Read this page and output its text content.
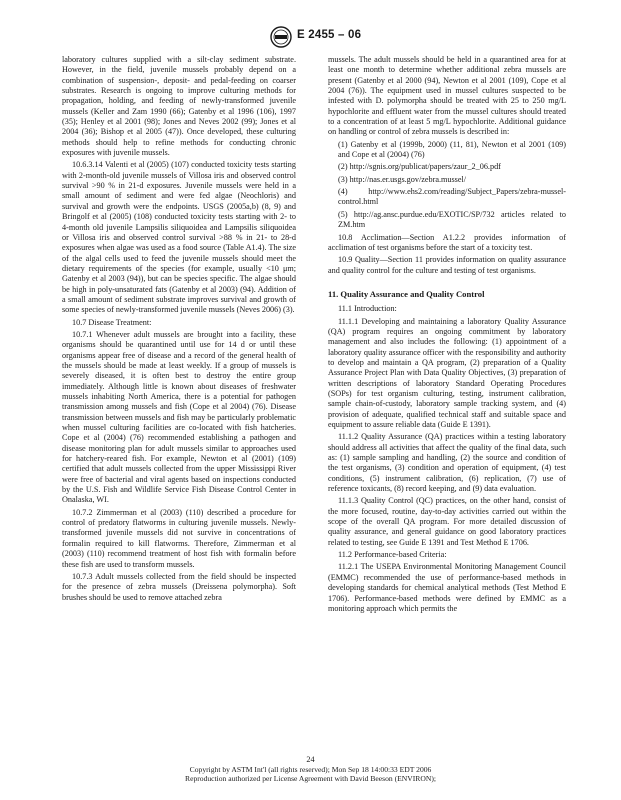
E 2455 – 06

laboratory cultures supplied with a silt-clay sediment substrate. However, in the field, juvenile mussels probably depend on a combination of suspension-, deposit- and pedal-feeding on coarser substrates. Research is ongoing to improve culturing methods for propagation, holding, and feeding of newly-transformed juvenile mussels (Keller and Zam 1990 (66); Gatenby et al 1996 (106), 1997 (35); Henley et al 2001 (98); Jones and Neves 2002 (99); Jones et al 2004 (36); Bishop et al 2005 (47)). Once developed, these culturing methods should help to refine methods for conducting chronic exposures with juvenile mussels.

10.6.3.14 Valenti et al (2005) (107) conducted toxicity tests starting with 2-month-old juvenile mussels of Villosa iris and observed control survival >90 % in 21-d exposures. Juvenile mussels were held in a small amount of sediment and were fed algae (Neochloris) and survival and growth were the endpoints. USGS (2005a,b) (8, 9) and Bringolf et al (2005) (108) conducted toxicity tests starting with 2- to 4-month old juvenile Lampsilis siliquoidea and Lampsilis siliquoidea or Villosa iris and observed control survival >88 % in 21- to 28-d exposures when algae was used as a food source (Table A1.4). The size of the algal cells used to feed the juvenile mussels should meet the dietary requirements of the species (for example, usually <10 μm; Gatenby et al 2003 (94)), but can be species specific. The algae should be high in poly-unsaturated fats (Gatenby et al 2003) (94). Addition of a small amount of sediment substrate improves survival and growth of some species of newly-transformed juvenile mussels (Neves 2006) (3).

10.7 Disease Treatment:

10.7.1 Whenever adult mussels are brought into a facility, these organisms should be quarantined until use for 14 d or until these organisms appear free of disease and a record of the general health of the mussels should be made at least weekly. If a group of mussels is severely diseased, it is often best to destroy the entire group immediately. Although little is known about diseases of freshwater mussels inhabiting North America, there is a potential for pathogen transmission among mussels and fish (Cope et al 2004) (76). Disease transmission between mussels and fish may be particularly problematic when mussel culturing facilities are co-located with fish hatcheries. Cope et al (2004) (76) recommended establishing a pathogen and disease monitoring plan for adult mussels similar to approaches used for hatchery-reared fish. For example, Newton et al (2001) (109) certified that adult mussels collected from the upper Mississippi River were free of bacterial and viral agents based on inspections conducted by the U.S. Fish and Wildlife Service Fish Disease Control Center in Onalaska, WI.

10.7.2 Zimmerman et al (2003) (110) described a procedure for control of predatory flatworms in culturing juvenile mussels. Newly-transformed juvenile mussels did not survive in concentrations of formalin required to kill flatworms. Therefore, Zimmerman et al (2003) (110) recommend treatment of host fish with formalin before these fish are used to transform mussels.

10.7.3 Adult mussels collected from the field should be inspected for the presence of zebra mussels (Dreissena polymorpha). Soft brushes should be used to remove attached zebra

mussels. The adult mussels should be held in a quarantined area for at least one month to determine whether additional zebra mussels are present (Gatenby et al 2000 (94), Newton et al 2001 (109), Cope et al 2004 (76)). The equipment used in mussel cultures suspected to be infested with D. polymorpha should be treated with 25 to 250 mg/L hypochlorite and effluent water from the mussel cultures should treated to a concentration of at least 5 mg/L hypochlorite. Additional guidance on handling or control of zebra mussels is described in:

(1) Gatenby et al (1999b, 2000) (11, 81), Newton et al 2001 (109) and Cope et al (2004) (76)

(2) http://sgnis.org/publicat/papers/zaur_2_06.pdf

(3) http://nas.er.usgs.gov/zebra.mussel/

(4) http://www.ehs2.com/reading/Subject_Papers/zebra-mussel-control.html

(5) http://ag.ansc.purdue.edu/EXOTIC/SP/732 articles related to ZM.htm

10.8 Acclimation—Section A1.2.2 provides information of acclimation of test organisms before the start of a toxicity test.

10.9 Quality—Section 11 provides information on quality assurance and quality control for the culture and testing of test organisms.

11. Quality Assurance and Quality Control

11.1 Introduction:

11.1.1 Developing and maintaining a laboratory Quality Assurance (QA) program requires an ongoing commitment by laboratory management and also includes the following: (1) appointment of a laboratory quality assurance officer with the responsibility and authority to develop and maintain a QA program, (2) preparation of a Quality Assurance Project Plan with Data Quality Objectives, (3) preparation of written descriptions of laboratory Standard Operating Procedures (SOPs) for test organism culturing, testing, instrument calibration, sample chain-of-custody, laboratory sample tracking system, and (4) provision of adequate, qualified technical staff and suitable space and equipment to assure reliable data (Guide E 1391).

11.1.2 Quality Assurance (QA) practices within a testing laboratory should address all activities that affect the quality of the final data, such as: (1) sample sampling and handling, (2) the source and condition of the test organisms, (3) condition and operation of equipment, (4) test conditions, (5) instrument calibration, (6) replication, (7) use of reference toxicants, (8) record keeping, and (9) data evaluation.

11.1.3 Quality Control (QC) practices, on the other hand, consist of the more focused, routine, day-to-day activities carried out within the scope of the overall QA program. For more detailed discussion of quality assurance, and general guidance on good laboratory practices related to testing, see Guide E 1391 and Test Method E 1706.

11.2 Performance-based Criteria:

11.2.1 The USEPA Environmental Monitoring Management Council (EMMC) recommended the use of performance-based methods in developing standards for chemical analytical methods (Test Method E 1706). Performance-based methods were defined by EMMC as a monitoring approach which permits the

24
Copyright by ASTM Int'l (all rights reserved); Mon Sep 18 14:00:33 EDT 2006
Reproduction authorized per License Agreement with David Beeson (ENVIRON);
